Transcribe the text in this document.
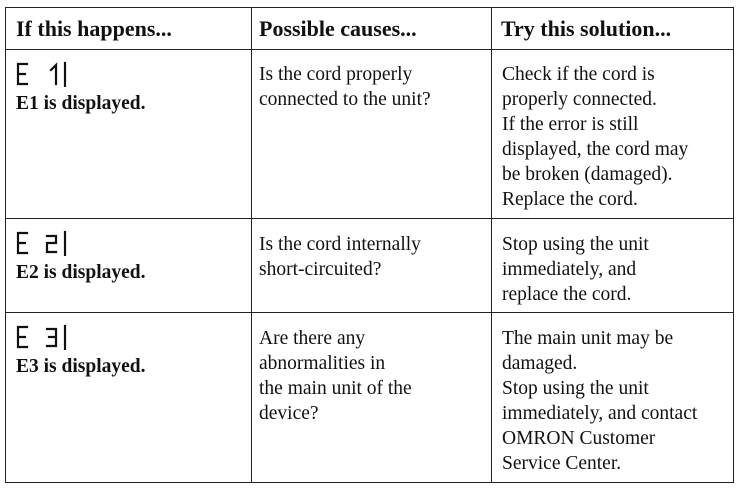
If this happens...	Possible causes...	Try this solution...
E1 is displayed.
Is the cord properly
connected to the unit?
Check if the cord is
properly connected.
If the error is still
displayed, the cord may
be broken (damaged).
Replace the cord.
E2 is displayed.
Is the cord internally
short-circuited?
Stop using the unit
immediately, and
replace the cord.
E3 is displayed.
Are there any
abnormalities in
the main unit of the
device?
The main unit may be
damaged.
Stop using the unit
immediately, and contact
OMRON Customer
Service Center.
